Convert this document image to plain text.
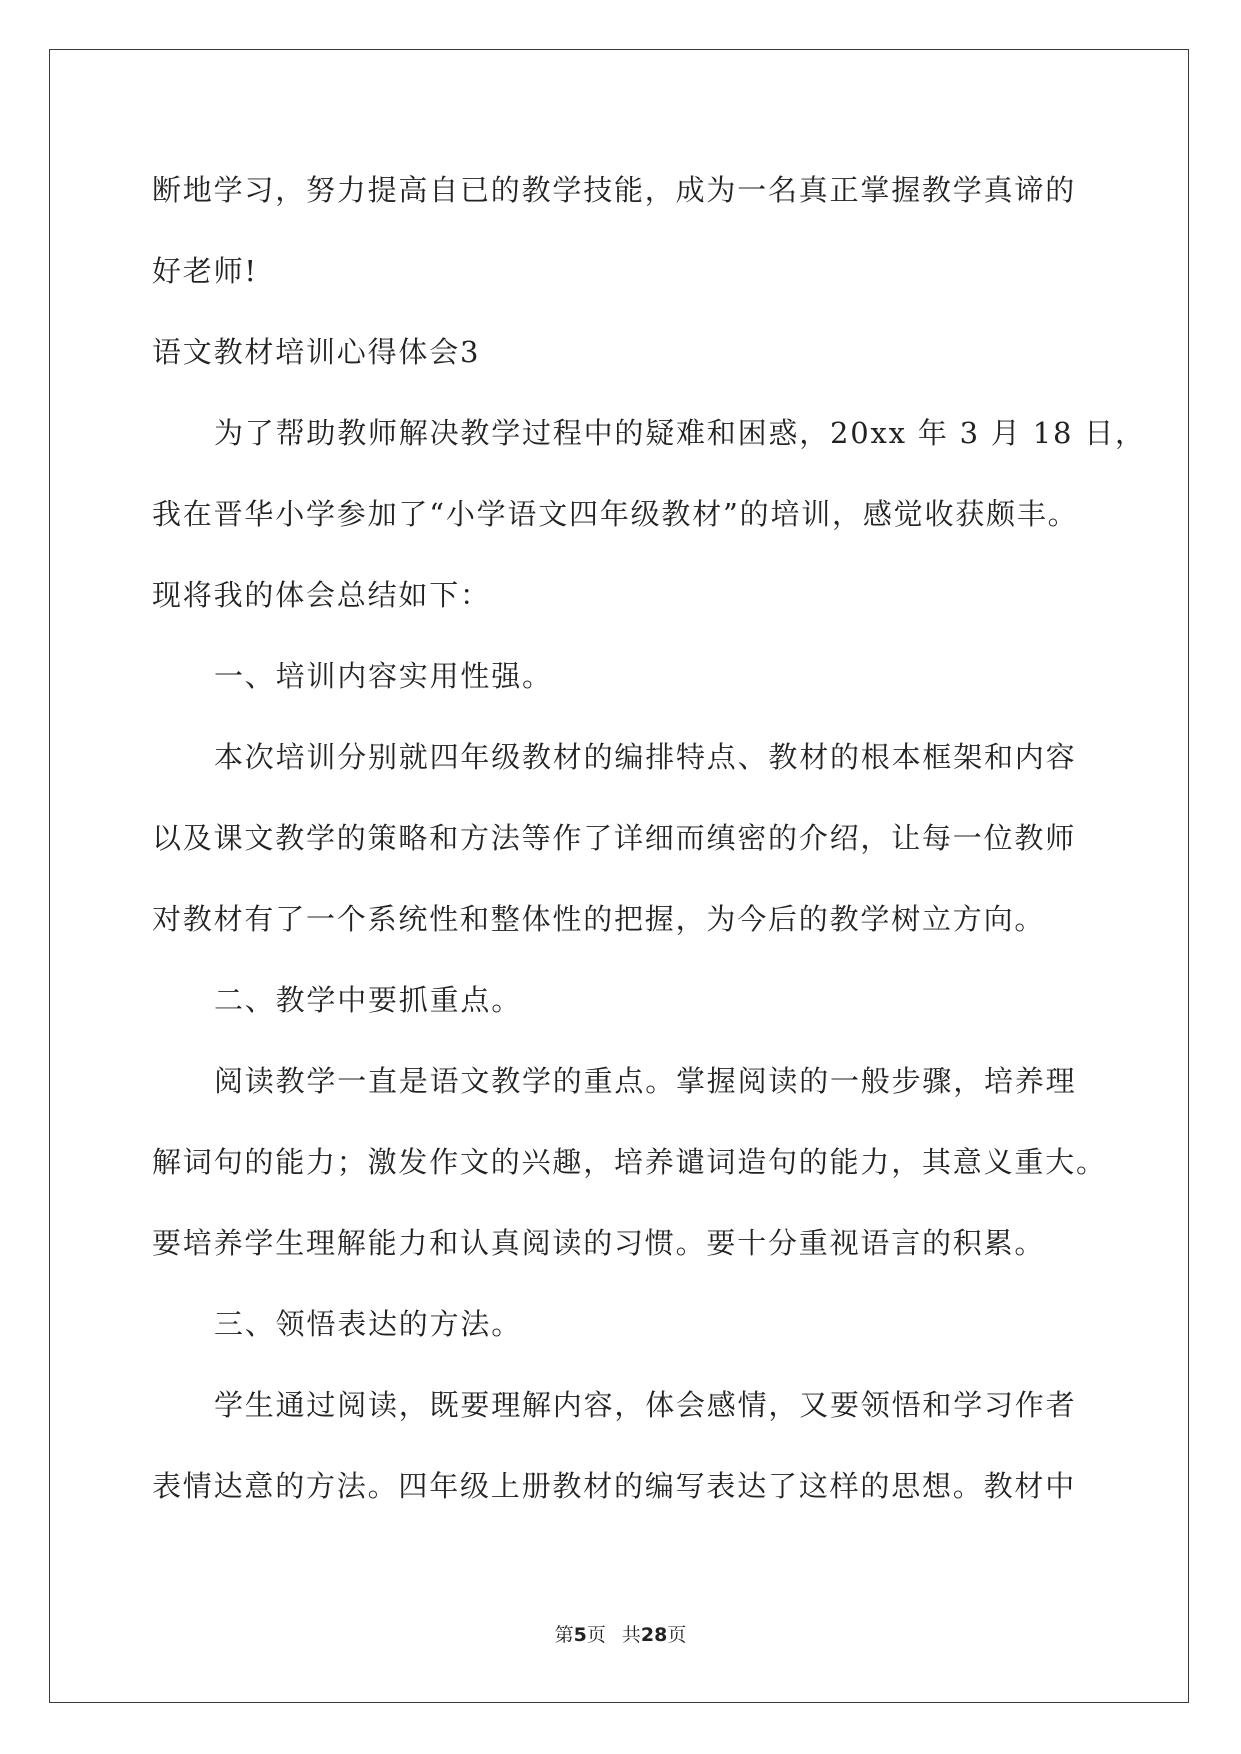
断地学习，努力提高自已的教学技能，成为一名真正掌握教学真谛的

好老师!

语文教材培训心得体会3

为了帮助教师解决教学过程中的疑难和困惑，20xx 年 3 月 18 日，

我在晋华小学参加了“小学语文四年级教材”的培训，感觉收获颇丰。

现将我的体会总结如下：

一、培训内容实用性强。

本次培训分别就四年级教材的编排特点、教材的根本框架和内容

以及课文教学的策略和方法等作了详细而缜密的介绍，让每一位教师

对教材有了一个系统性和整体性的把握，为今后的教学树立方向。

二、教学中要抓重点。

阅读教学一直是语文教学的重点。掌握阅读的一般步骤，培养理

解词句的能力；激发作文的兴趣，培养谴词造句的能力，其意义重大。

要培养学生理解能力和认真阅读的习惯。要十分重视语言的积累。

三、领悟表达的方法。

学生通过阅读，既要理解内容，体会感情，又要领悟和学习作者

表情达意的方法。四年级上册教材的编写表达了这样的思想。教材中

第5页 共28页
